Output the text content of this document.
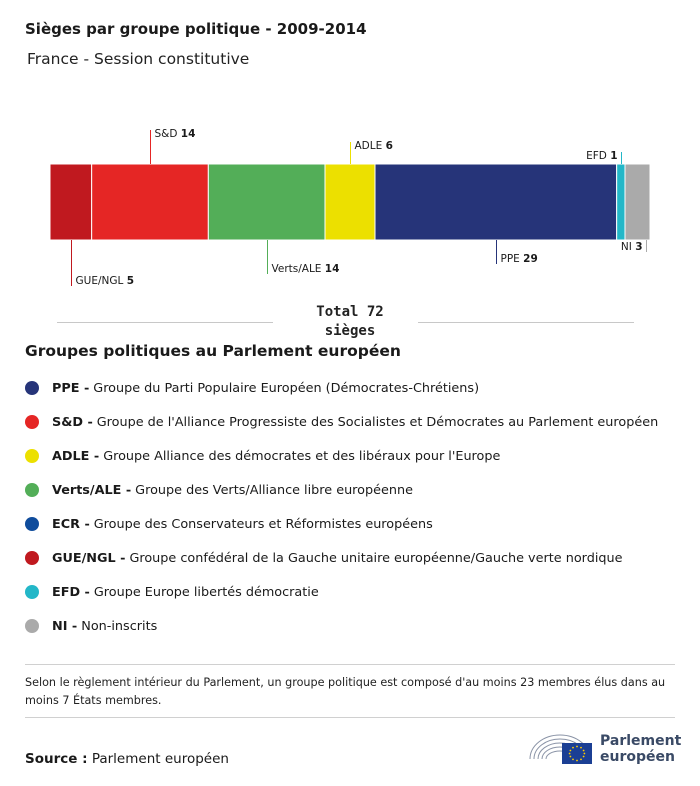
Sièges par groupe politique - 2009-2014
France - Session constitutive
GUE/NGL 5
S&D 14
Verts/ALE 14
ADLE 6
PPE 29
EFD 1
NI 3
Total 72
sièges
Groupes politiques au Parlement européen
PPE - Groupe du Parti Populaire Européen (Démocrates-Chrétiens)
S&D - Groupe de l'Alliance Progressiste des Socialistes et Démocrates au Parlement européen
ADLE - Groupe Alliance des démocrates et des libéraux pour l'Europe
Verts/ALE - Groupe des Verts/Alliance libre européenne
ECR - Groupe des Conservateurs et Réformistes européens
GUE/NGL - Groupe confédéral de la Gauche unitaire européenne/Gauche verte nordique
EFD - Groupe Europe libertés démocratie
NI - Non-inscrits
Selon le règlement intérieur du Parlement, un groupe politique est composé d'au moins 23 membres élus dans au moins 7 États membres.
Source : Parlement européen
Parlement
européen
